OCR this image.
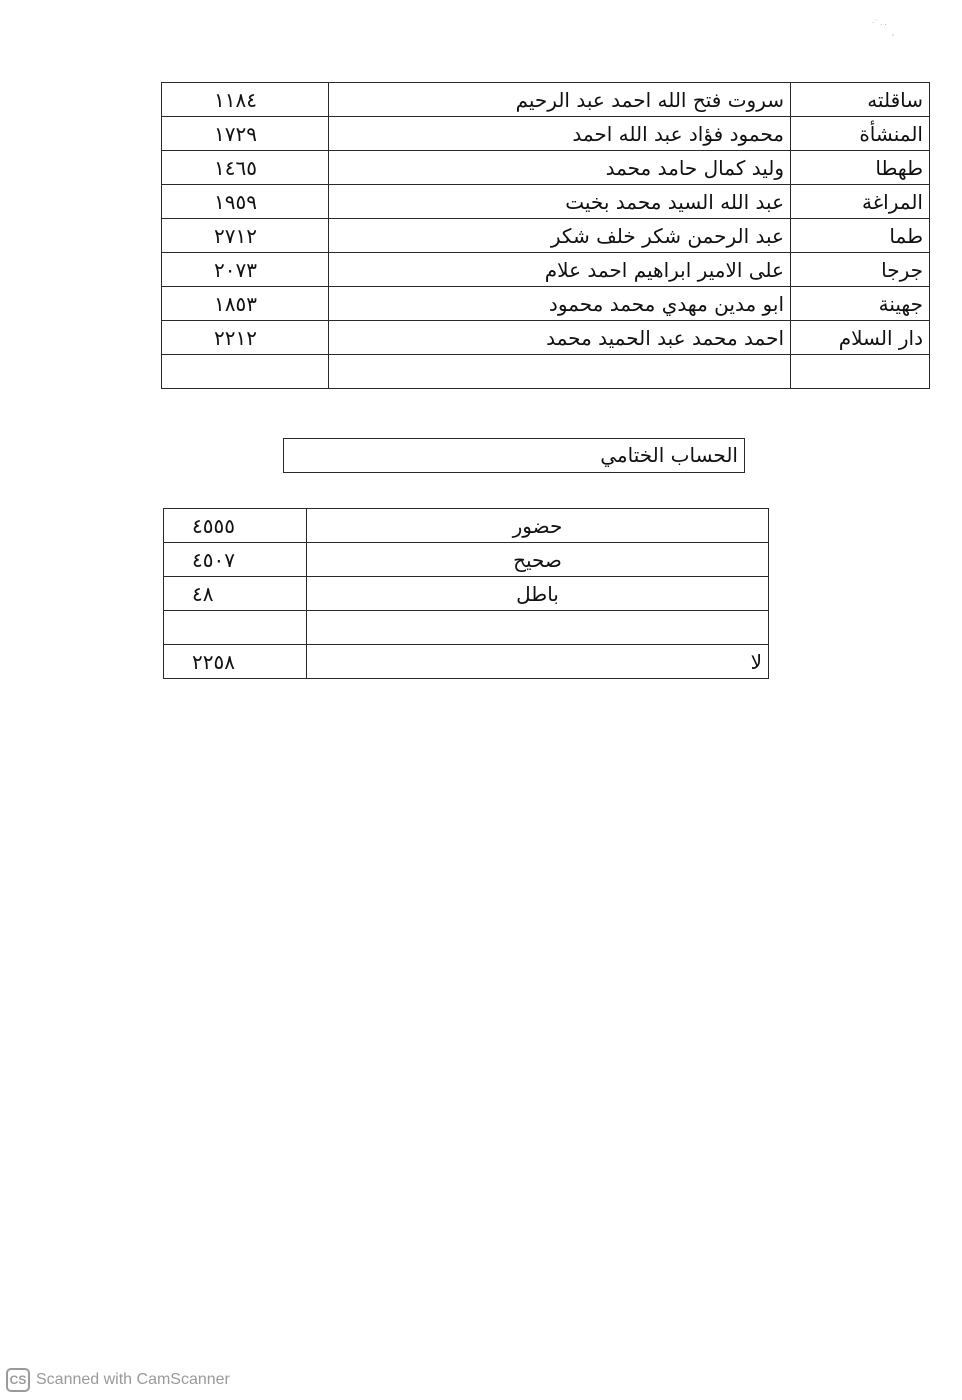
·˙ . .
,
ساقلته	سروت فتح الله احمد عبد الرحيم	١١٨٤
المنشأة	محمود فؤاد عبد الله احمد	١٧٢٩
طهطا	وليد كمال حامد محمد	١٤٦٥
المراغة	عبد الله السيد محمد بخيت	١٩٥٩
طما	عبد الرحمن شكر خلف شكر	٢٧١٢
جرجا	على الامير ابراهيم احمد علام	٢٠٧٣
جهينة	ابو مدين مهدي محمد محمود	١٨٥٣
دار السلام	احمد محمد عبد الحميد محمد	٢٢١٢

الحساب الختامي
حضور	٤٥٥٥
صحيح	٤٥٠٧
باطل	٤٨

لا	٢٢٥٨
CS Scanned with CamScanner
